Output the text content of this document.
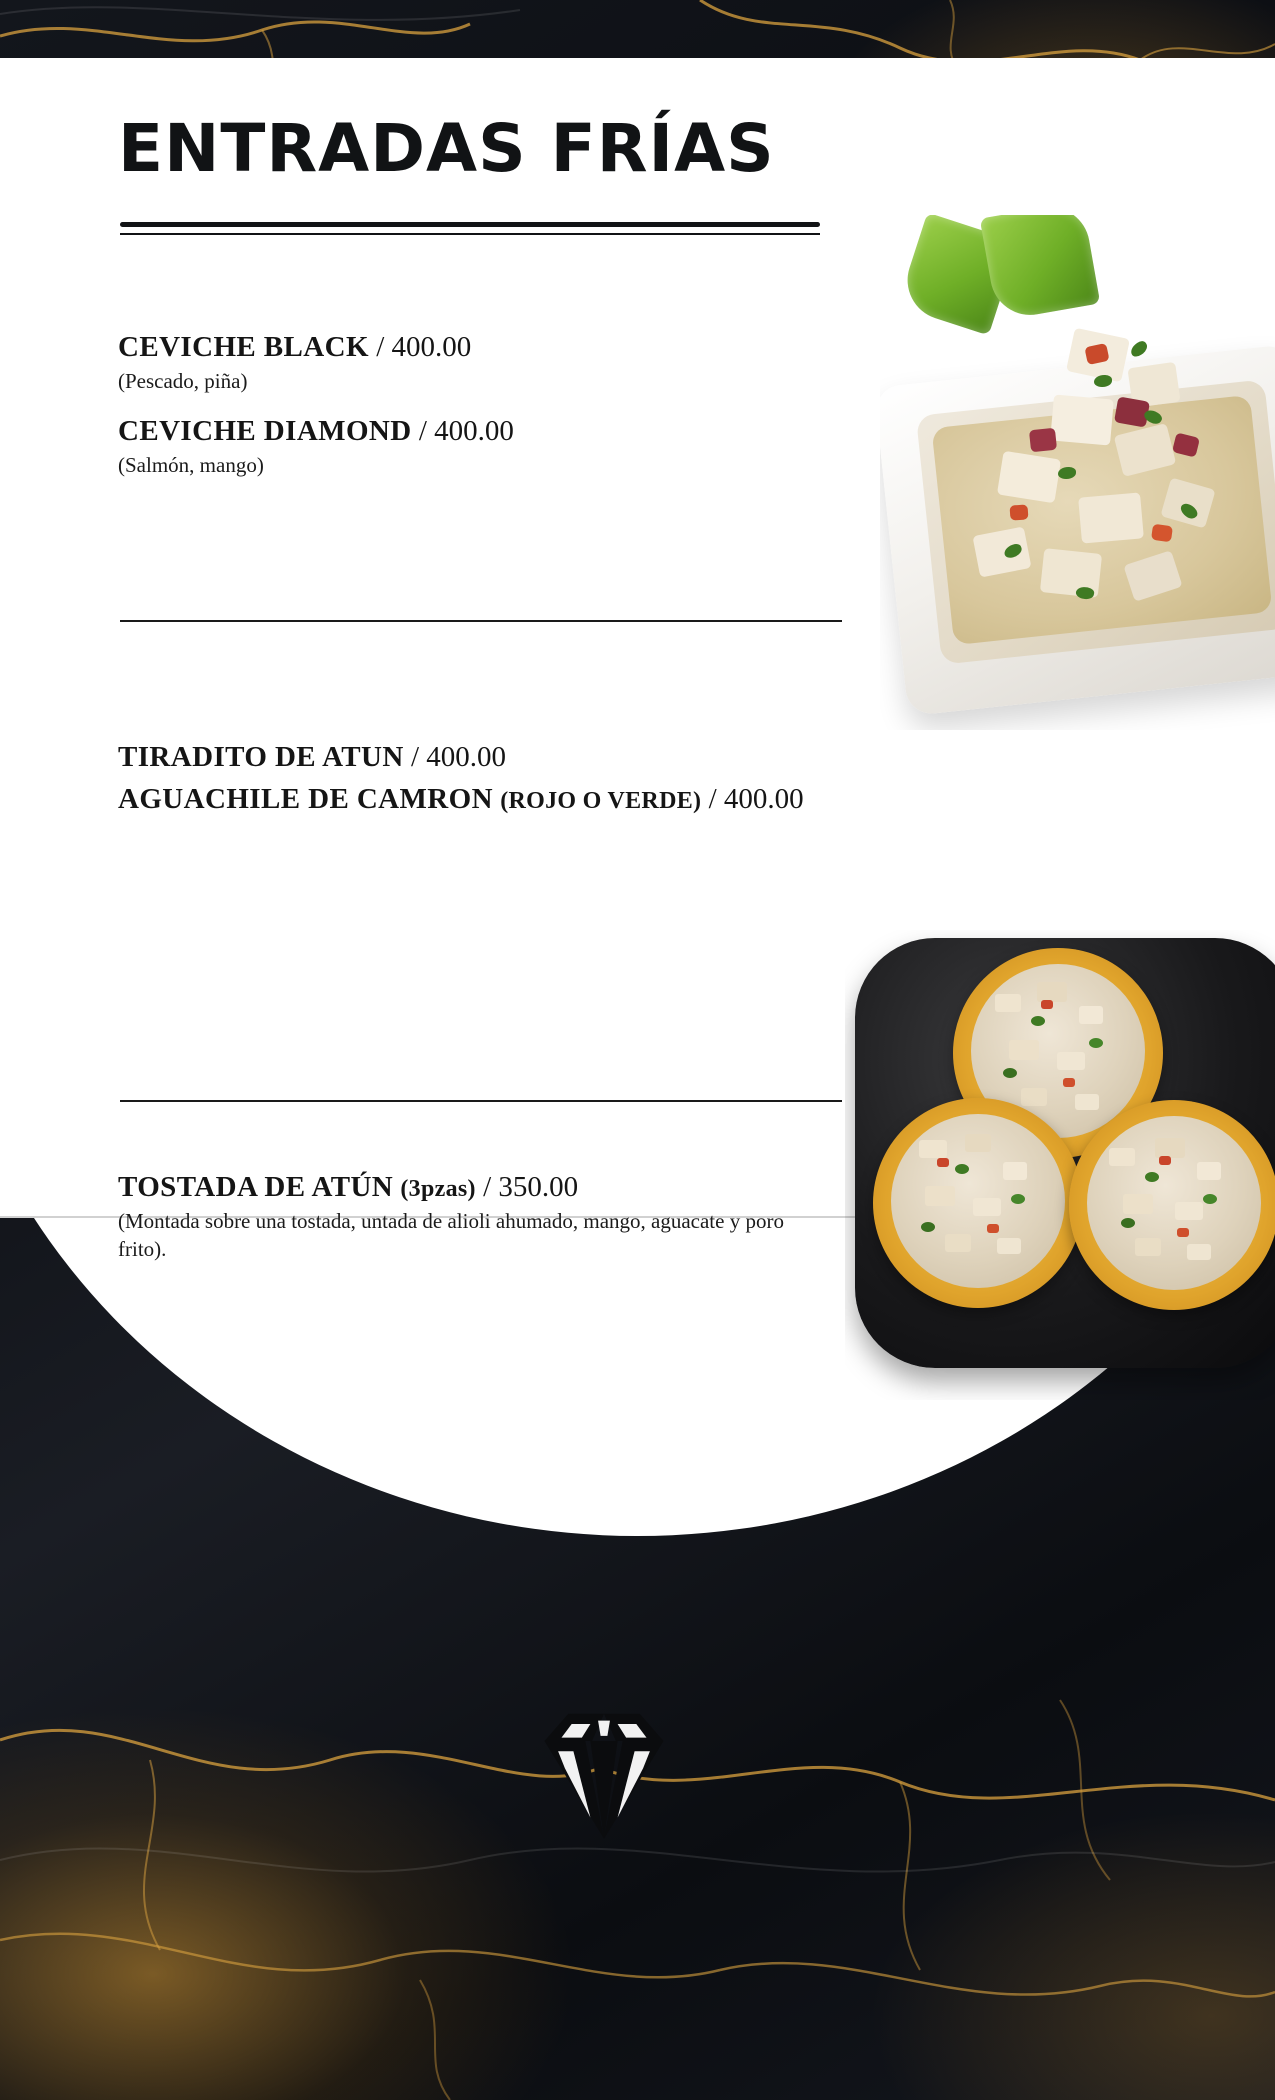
ENTRADAS FRÍAS
CEVICHE BLACK / 400.00
(Pescado, piña)
CEVICHE DIAMOND / 400.00
(Salmón, mango)
TIRADITO DE ATUN / 400.00
AGUACHILE DE CAMRON (ROJO O VERDE) / 400.00
TOSTADA DE ATÚN (3pzas) / 350.00
(Montada sobre una tostada, untada de alioli ahumado, mango, aguacate y poro frito).
